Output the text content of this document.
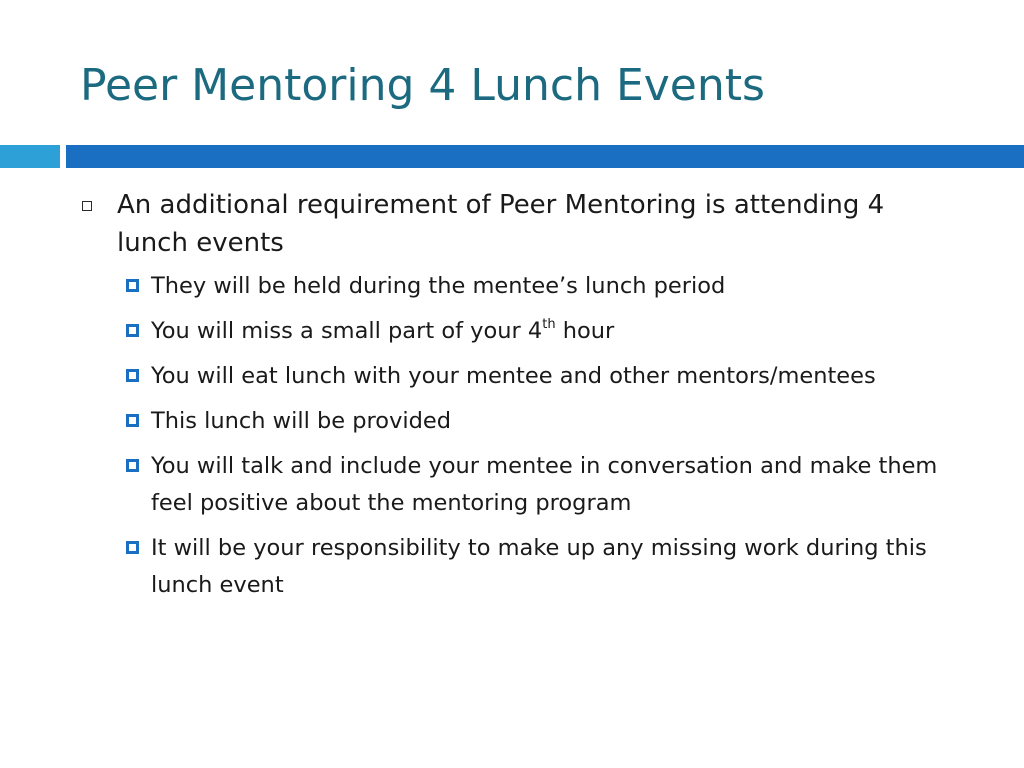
Peer Mentoring 4 Lunch Events
An additional requirement of Peer Mentoring is attending 4 lunch events
They will be held during the mentee’s lunch period
You will miss a small part of your 4th hour
You will eat lunch with your mentee and other mentors/mentees
This lunch will be provided
You will talk and include your mentee in conversation and make them feel positive about the mentoring program
It will be your responsibility to make up any missing work during this lunch event
